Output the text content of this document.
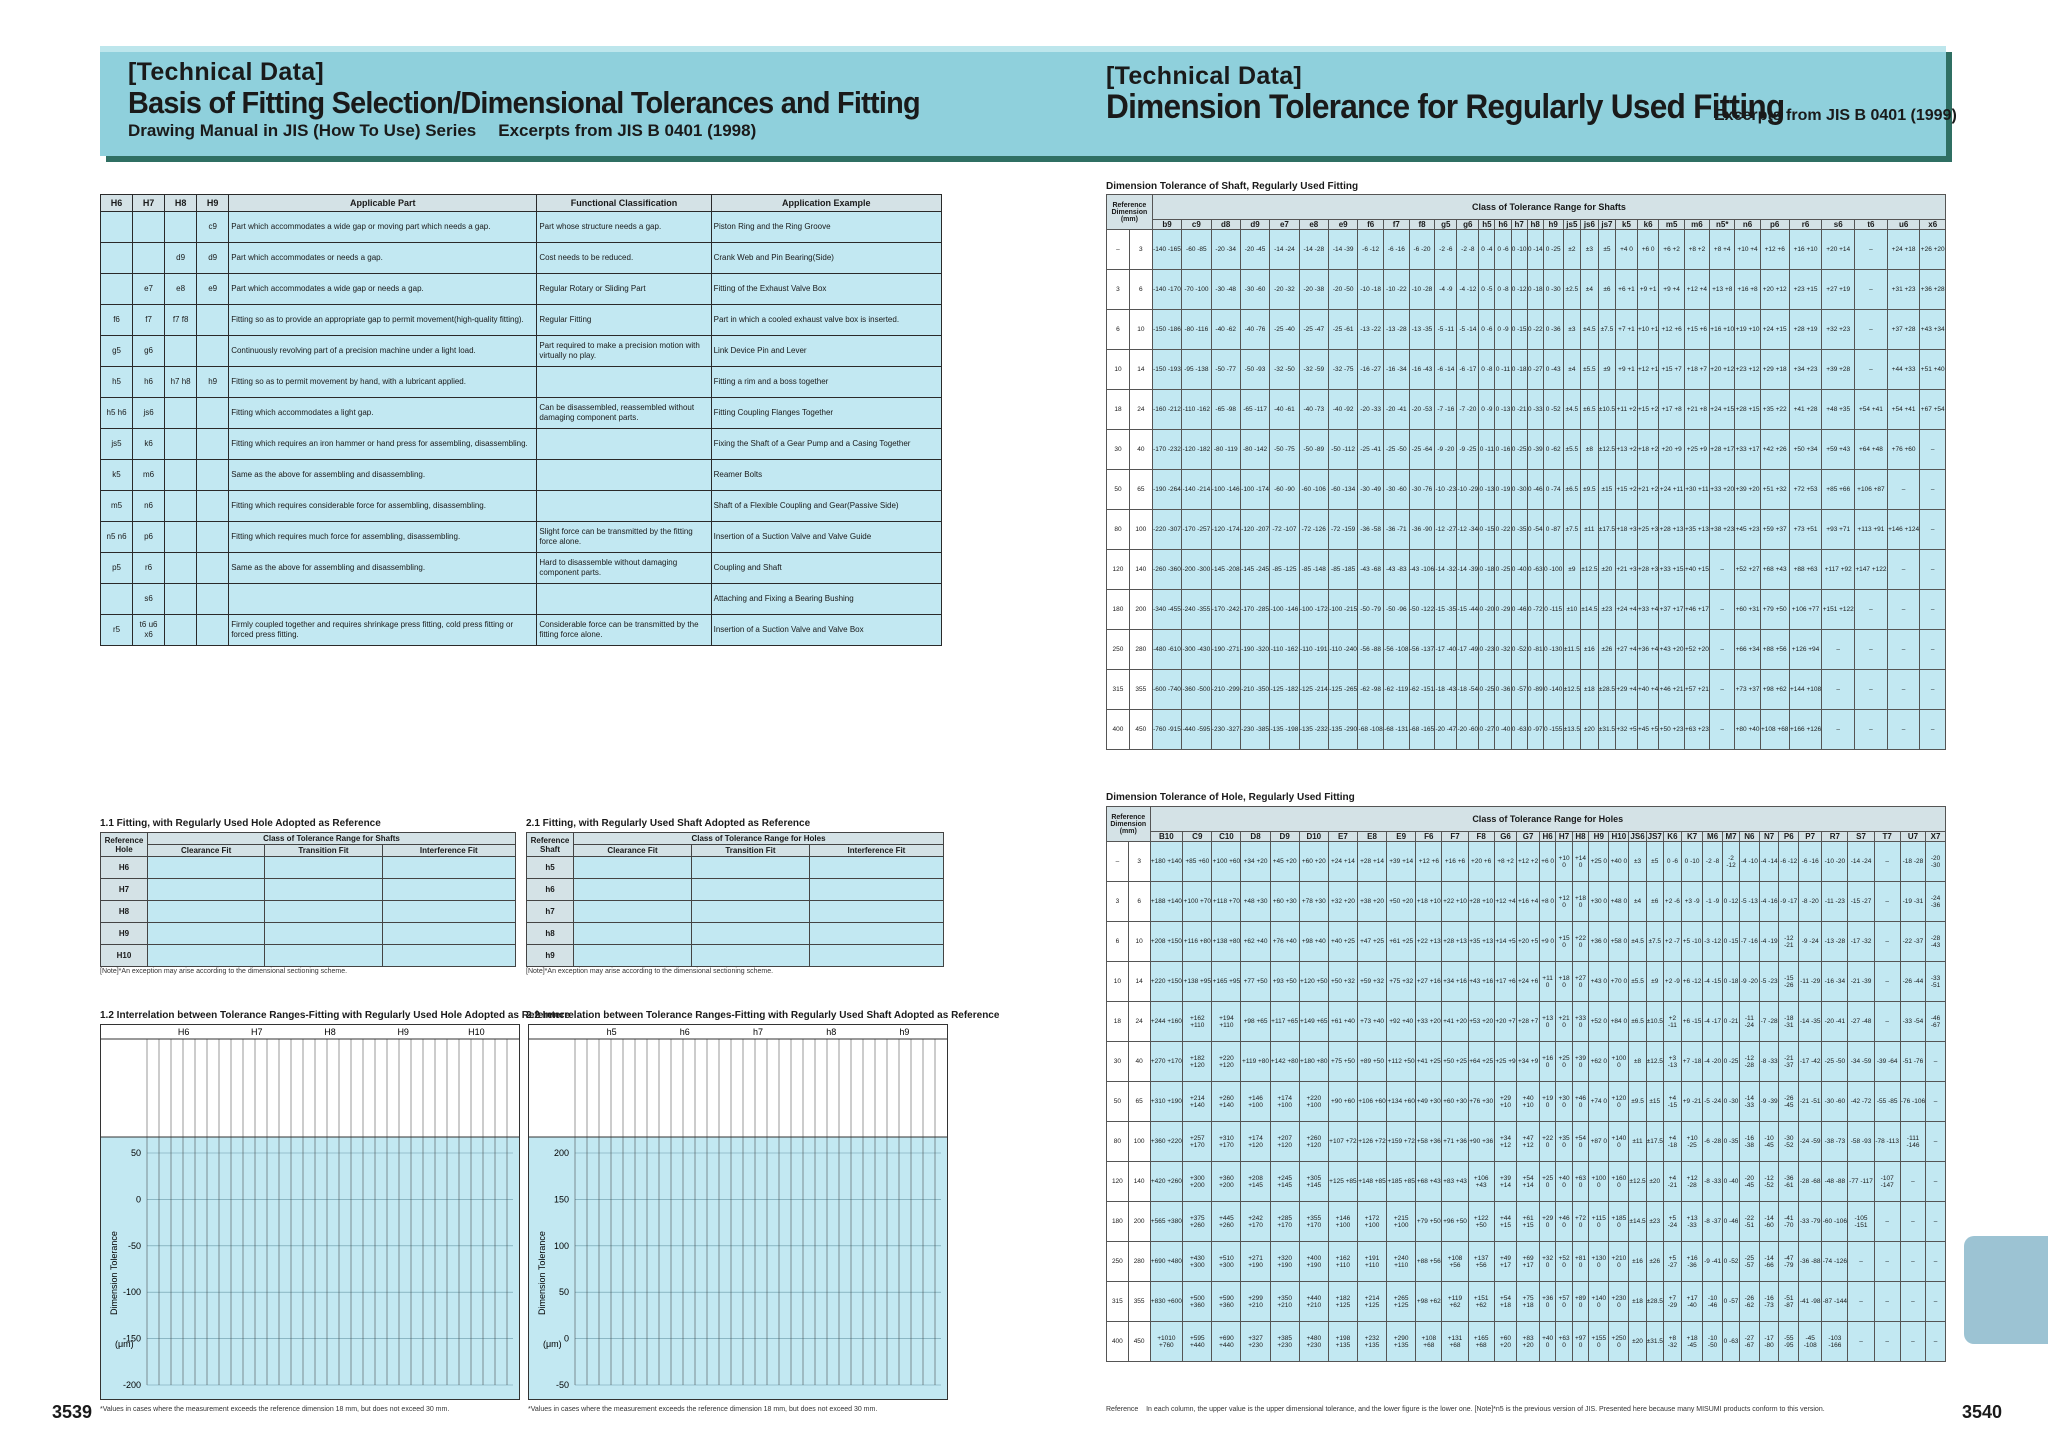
[Technical Data]
Basis of Fitting Selection/Dimensional Tolerances and Fitting
Drawing Manual in JIS (How To Use) Series Excerpts from JIS B 0401 (1998)
[Technical Data]
Dimension Tolerance for Regularly Used Fitting
Excerpts from JIS B 0401 (1999)
H6	H7	H8	H9	Applicable Part	Functional Classification	Application Example
			c9	Part which accommodates a wide gap or moving part which needs a gap.	Part whose structure needs a gap.	Piston Ring and the Ring Groove
		d9	d9	Part which accommodates or needs a gap.	Cost needs to be reduced.	Crank Web and Pin Bearing(Side)
	e7	e8	e9	Part which accommodates a wide gap or needs a gap.	Regular Rotary or Sliding Part	Fitting of the Exhaust Valve Box
f6	f7	f7 f8		Fitting so as to provide an appropriate gap to permit movement(high-quality fitting).	Regular Fitting	Part in which a cooled exhaust valve box is inserted.
g5	g6			Continuously revolving part of a precision machine under a light load.	Part required to make a precision motion with virtually no play.	Link Device Pin and Lever
h5	h6	h7 h8	h9	Fitting so as to permit movement by hand, with a lubricant applied.		Fitting a rim and a boss together
h5 h6	js6			Fitting which accommodates a light gap.	Can be disassembled, reassembled without damaging component parts.	Fitting Coupling Flanges Together
js5	k6			Fitting which requires an iron hammer or hand press for assembling, disassembling.		Fixing the Shaft of a Gear Pump and a Casing Together
k5	m6			Same as the above for assembling and disassembling.		Reamer Bolts
m5	n6			Fitting which requires considerable force for assembling, disassembling.		Shaft of a Flexible Coupling and Gear(Passive Side)
n5 n6	p6			Fitting which requires much force for assembling, disassembling.	Slight force can be transmitted by the fitting force alone.	Insertion of a Suction Valve and Valve Guide
p5	r6			Same as the above for assembling and disassembling.	Hard to disassemble without damaging component parts.	Coupling and Shaft
	s6					Attaching and Fixing a Bearing Bushing
r5	t6 u6 x6			Firmly coupled together and requires shrinkage press fitting, cold press fitting or forced press fitting.	Considerable force can be transmitted by the fitting force alone.	Insertion of a Suction Valve and Valve Box
1.1 Fitting, with Regularly Used Hole Adopted as Reference	2.1 Fitting, with Regularly Used Shaft Adopted as Reference
Reference Hole	Class of Tolerance Range for Shafts		
	Clearance Fit	Transition Fit	Interference Fit
H6			
H7			
H8			
H9			
H10			
Reference Shaft	Class of Tolerance Range for Holes		
	Clearance Fit	Transition Fit	Interference Fit
h5			
h6			
h7			
h8			
h9			
[Note]*An exception may arise according to the dimensional sectioning scheme.	[Note]*An exception may arise according to the dimensional sectioning scheme.
1.2 Interrelation between Tolerance Ranges-Fitting with Regularly Used Hole Adopted as Reference
2.2 Interrelation between Tolerance Ranges-Fitting with Regularly Used Shaft Adopted as Reference
50
0
-50
-100
-150
-200
Dimension Tolerance
(μm)
H6	H7	H8	H9	H10
200
150
100
50
0
-50
Dimension Tolerance
(μm)
h5	h6	h7	h8	h9
*Values in cases where the measurement exceeds the reference dimension 18 mm, but does not exceed 30 mm.	*Values in cases where the measurement exceeds the reference dimension 18 mm, but does not exceed 30 mm.
Dimension Tolerance of Shaft, Regularly Used Fitting
Reference Dimension (mm)		Class of Tolerance Range for Shafts																															
		b9	c9	d8	d9	e7	e8	e9	f6	f7	f8	g5	g6	h5	h6	h7	h8	h9	js5	js6	js7	k5	k6	m5	m6	n5*	n6	p6	r6	s6	t6	u6	x6
–	3	-140 -165	-60 -85	-20 -34	-20 -45	-14 -24	-14 -28	-14 -39	-6 -12	-6 -16	-6 -20	-2 -6	-2 -8	0 -4	0 -6	0 -10	0 -14	0 -25	±2	±3	±5	+4 0	+6 0	+6 +2	+8 +2	+8 +4	+10 +4	+12 +6	+16 +10	+20 +14	–	+24 +18	+26 +20
3	6	-140 -170	-70 -100	-30 -48	-30 -60	-20 -32	-20 -38	-20 -50	-10 -18	-10 -22	-10 -28	-4 -9	-4 -12	0 -5	0 -8	0 -12	0 -18	0 -30	±2.5	±4	±6	+6 +1	+9 +1	+9 +4	+12 +4	+13 +8	+16 +8	+20 +12	+23 +15	+27 +19	–	+31 +23	+36 +28
6	10	-150 -186	-80 -116	-40 -62	-40 -76	-25 -40	-25 -47	-25 -61	-13 -22	-13 -28	-13 -35	-5 -11	-5 -14	0 -6	0 -9	0 -15	0 -22	0 -36	±3	±4.5	±7.5	+7 +1	+10 +1	+12 +6	+15 +6	+16 +10	+19 +10	+24 +15	+28 +19	+32 +23	–	+37 +28	+43 +34
10	14	-150 -193	-95 -138	-50 -77	-50 -93	-32 -50	-32 -59	-32 -75	-16 -27	-16 -34	-16 -43	-6 -14	-6 -17	0 -8	0 -11	0 -18	0 -27	0 -43	±4	±5.5	±9	+9 +1	+12 +1	+15 +7	+18 +7	+20 +12	+23 +12	+29 +18	+34 +23	+39 +28	–	+44 +33	+51 +40
18	24	-160 -212	-110 -162	-65 -98	-65 -117	-40 -61	-40 -73	-40 -92	-20 -33	-20 -41	-20 -53	-7 -16	-7 -20	0 -9	0 -13	0 -21	0 -33	0 -52	±4.5	±6.5	±10.5	+11 +2	+15 +2	+17 +8	+21 +8	+24 +15	+28 +15	+35 +22	+41 +28	+48 +35	+54 +41	+54 +41	+67 +54
30	40	-170 -232	-120 -182	-80 -119	-80 -142	-50 -75	-50 -89	-50 -112	-25 -41	-25 -50	-25 -64	-9 -20	-9 -25	0 -11	0 -16	0 -25	0 -39	0 -62	±5.5	±8	±12.5	+13 +2	+18 +2	+20 +9	+25 +9	+28 +17	+33 +17	+42 +26	+50 +34	+59 +43	+64 +48	+76 +60	–
50	65	-190 -264	-140 -214	-100 -146	-100 -174	-60 -90	-60 -106	-60 -134	-30 -49	-30 -60	-30 -76	-10 -23	-10 -29	0 -13	0 -19	0 -30	0 -46	0 -74	±6.5	±9.5	±15	+15 +2	+21 +2	+24 +11	+30 +11	+33 +20	+39 +20	+51 +32	+72 +53	+85 +66	+106 +87	–	–
80	100	-220 -307	-170 -257	-120 -174	-120 -207	-72 -107	-72 -126	-72 -159	-36 -58	-36 -71	-36 -90	-12 -27	-12 -34	0 -15	0 -22	0 -35	0 -54	0 -87	±7.5	±11	±17.5	+18 +3	+25 +3	+28 +13	+35 +13	+38 +23	+45 +23	+59 +37	+73 +51	+93 +71	+113 +91	+146 +124	–
120	140	-260 -360	-200 -300	-145 -208	-145 -245	-85 -125	-85 -148	-85 -185	-43 -68	-43 -83	-43 -106	-14 -32	-14 -39	0 -18	0 -25	0 -40	0 -63	0 -100	±9	±12.5	±20	+21 +3	+28 +3	+33 +15	+40 +15	–	+52 +27	+68 +43	+88 +63	+117 +92	+147 +122	–	–
180	200	-340 -455	-240 -355	-170 -242	-170 -285	-100 -146	-100 -172	-100 -215	-50 -79	-50 -96	-50 -122	-15 -35	-15 -44	0 -20	0 -29	0 -46	0 -72	0 -115	±10	±14.5	±23	+24 +4	+33 +4	+37 +17	+46 +17	–	+60 +31	+79 +50	+106 +77	+151 +122	–	–	–
250	280	-480 -610	-300 -430	-190 -271	-190 -320	-110 -162	-110 -191	-110 -240	-56 -88	-56 -108	-56 -137	-17 -40	-17 -49	0 -23	0 -32	0 -52	0 -81	0 -130	±11.5	±16	±26	+27 +4	+36 +4	+43 +20	+52 +20	–	+66 +34	+88 +56	+126 +94	–	–	–	–
315	355	-600 -740	-360 -500	-210 -299	-210 -350	-125 -182	-125 -214	-125 -265	-62 -98	-62 -119	-62 -151	-18 -43	-18 -54	0 -25	0 -36	0 -57	0 -89	0 -140	±12.5	±18	±28.5	+29 +4	+40 +4	+46 +21	+57 +21	–	+73 +37	+98 +62	+144 +108	–	–	–	–
400	450	-760 -915	-440 -595	-230 -327	-230 -385	-135 -198	-135 -232	-135 -290	-68 -108	-68 -131	-68 -165	-20 -47	-20 -60	0 -27	0 -40	0 -63	0 -97	0 -155	±13.5	±20	±31.5	+32 +5	+45 +5	+50 +23	+63 +23	–	+80 +40	+108 +68	+166 +126	–	–	–	–
Dimension Tolerance of Hole, Regularly Used Fitting
Reference Dimension (mm)		Class of Tolerance Range for Holes																																	
		B10	C9	C10	D8	D9	D10	E7	E8	E9	F6	F7	F8	G6	G7	H6	H7	H8	H9	H10	JS6	JS7	K6	K7	M6	M7	N6	N7	P6	P7	R7	S7	T7	U7	X7
–	3	+180 +140	+85 +60	+100 +60	+34 +20	+45 +20	+60 +20	+24 +14	+28 +14	+39 +14	+12 +6	+16 +6	+20 +6	+8 +2	+12 +2	+6 0	+10 0	+14 0	+25 0	+40 0	±3	±5	0 -6	0 -10	-2 -8	-2 -12	-4 -10	-4 -14	-6 -12	-6 -16	-10 -20	-14 -24	–	-18 -28	-20 -30
3	6	+188 +140	+100 +70	+118 +70	+48 +30	+60 +30	+78 +30	+32 +20	+38 +20	+50 +20	+18 +10	+22 +10	+28 +10	+12 +4	+16 +4	+8 0	+12 0	+18 0	+30 0	+48 0	±4	±6	+2 -6	+3 -9	-1 -9	0 -12	-5 -13	-4 -16	-9 -17	-8 -20	-11 -23	-15 -27	–	-19 -31	-24 -36
6	10	+208 +150	+116 +80	+138 +80	+62 +40	+76 +40	+98 +40	+40 +25	+47 +25	+61 +25	+22 +13	+28 +13	+35 +13	+14 +5	+20 +5	+9 0	+15 0	+22 0	+36 0	+58 0	±4.5	±7.5	+2 -7	+5 -10	-3 -12	0 -15	-7 -16	-4 -19	-12 -21	-9 -24	-13 -28	-17 -32	–	-22 -37	-28 -43
10	14	+220 +150	+138 +95	+165 +95	+77 +50	+93 +50	+120 +50	+50 +32	+59 +32	+75 +32	+27 +16	+34 +16	+43 +16	+17 +6	+24 +6	+11 0	+18 0	+27 0	+43 0	+70 0	±5.5	±9	+2 -9	+6 -12	-4 -15	0 -18	-9 -20	-5 -23	-15 -26	-11 -29	-16 -34	-21 -39	–	-26 -44	-33 -51
18	24	+244 +160	+162 +110	+194 +110	+98 +65	+117 +65	+149 +65	+61 +40	+73 +40	+92 +40	+33 +20	+41 +20	+53 +20	+20 +7	+28 +7	+13 0	+21 0	+33 0	+52 0	+84 0	±6.5	±10.5	+2 -11	+6 -15	-4 -17	0 -21	-11 -24	-7 -28	-18 -31	-14 -35	-20 -41	-27 -48	–	-33 -54	-46 -67
30	40	+270 +170	+182 +120	+220 +120	+119 +80	+142 +80	+180 +80	+75 +50	+89 +50	+112 +50	+41 +25	+50 +25	+64 +25	+25 +9	+34 +9	+16 0	+25 0	+39 0	+62 0	+100 0	±8	±12.5	+3 -13	+7 -18	-4 -20	0 -25	-12 -28	-8 -33	-21 -37	-17 -42	-25 -50	-34 -59	-39 -64	-51 -76	–
50	65	+310 +190	+214 +140	+260 +140	+146 +100	+174 +100	+220 +100	+90 +60	+106 +60	+134 +60	+49 +30	+60 +30	+76 +30	+29 +10	+40 +10	+19 0	+30 0	+46 0	+74 0	+120 0	±9.5	±15	+4 -15	+9 -21	-5 -24	0 -30	-14 -33	-9 -39	-26 -45	-21 -51	-30 -60	-42 -72	-55 -85	-76 -106	–
80	100	+360 +220	+257 +170	+310 +170	+174 +120	+207 +120	+260 +120	+107 +72	+126 +72	+159 +72	+58 +36	+71 +36	+90 +36	+34 +12	+47 +12	+22 0	+35 0	+54 0	+87 0	+140 0	±11	±17.5	+4 -18	+10 -25	-6 -28	0 -35	-16 -38	-10 -45	-30 -52	-24 -59	-38 -73	-58 -93	-78 -113	-111 -146	–
120	140	+420 +260	+300 +200	+360 +200	+208 +145	+245 +145	+305 +145	+125 +85	+148 +85	+185 +85	+68 +43	+83 +43	+106 +43	+39 +14	+54 +14	+25 0	+40 0	+63 0	+100 0	+160 0	±12.5	±20	+4 -21	+12 -28	-8 -33	0 -40	-20 -45	-12 -52	-36 -61	-28 -68	-48 -88	-77 -117	-107 -147	–	–
180	200	+565 +380	+375 +260	+445 +260	+242 +170	+285 +170	+355 +170	+146 +100	+172 +100	+215 +100	+79 +50	+96 +50	+122 +50	+44 +15	+61 +15	+29 0	+46 0	+72 0	+115 0	+185 0	±14.5	±23	+5 -24	+13 -33	-8 -37	0 -46	-22 -51	-14 -60	-41 -70	-33 -79	-60 -106	-105 -151	–	–	–
250	280	+690 +480	+430 +300	+510 +300	+271 +190	+320 +190	+400 +190	+162 +110	+191 +110	+240 +110	+88 +56	+108 +56	+137 +56	+49 +17	+69 +17	+32 0	+52 0	+81 0	+130 0	+210 0	±16	±26	+5 -27	+16 -36	-9 -41	0 -52	-25 -57	-14 -66	-47 -79	-36 -88	-74 -126	–	–	–	–
315	355	+830 +600	+500 +360	+590 +360	+299 +210	+350 +210	+440 +210	+182 +125	+214 +125	+265 +125	+98 +62	+119 +62	+151 +62	+54 +18	+75 +18	+36 0	+57 0	+89 0	+140 0	+230 0	±18	±28.5	+7 -29	+17 -40	-10 -46	0 -57	-26 -62	-16 -73	-51 -87	-41 -98	-87 -144	–	–	–	–
400	450	+1010 +760	+595 +440	+690 +440	+327 +230	+385 +230	+480 +230	+198 +135	+232 +135	+290 +135	+108 +68	+131 +68	+165 +68	+60 +20	+83 +20	+40 0	+63 0	+97 0	+155 0	+250 0	±20	±31.5	+8 -32	+18 -45	-10 -50	0 -63	-27 -67	-17 -80	-55 -95	-45 -108	-103 -166	–	–	–	–
Reference In each column, the upper value is the upper dimensional tolerance, and the lower figure is the lower one. [Note]*n5 is the previous version of JIS. Presented here because many MISUMI products conform to this version.
3539	3540
